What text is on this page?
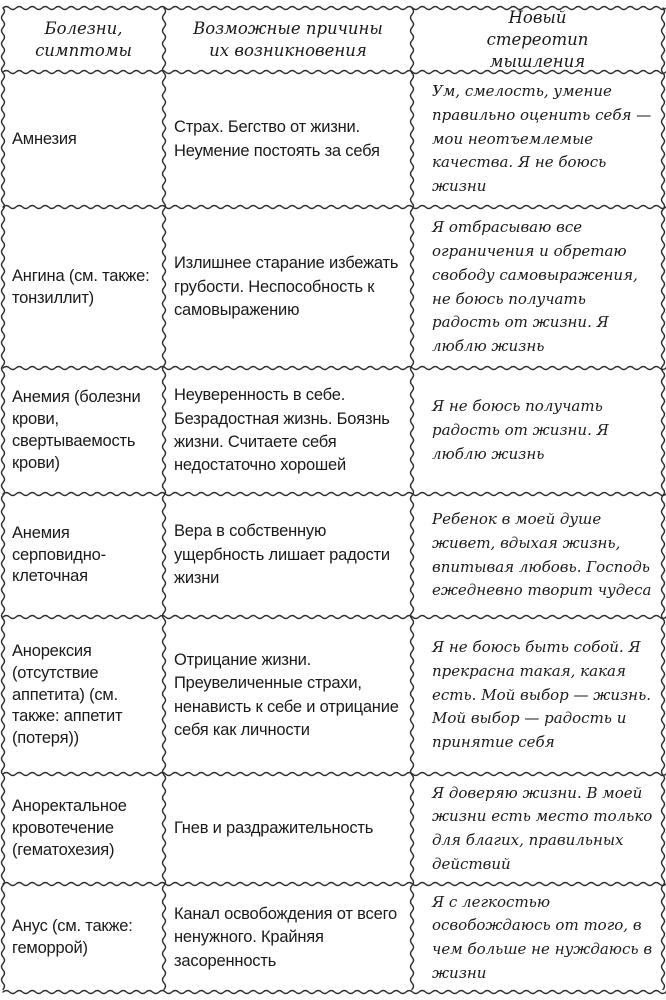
Болезни, симптомы
Возможные причины их возникновения
Новый стереотип мышления
Амнезия
Страх. Бегство от жизни. Неумение постоять за себя
Ум, смелость, умение правильно оценить себя — мои неотъемлемые качества. Я не боюсь жизни
Ангина (см. также: тонзиллит)
Излишнее старание избежать грубости. Неспособность к самовыражению
Я отбрасываю все ограничения и обретаю свободу самовыражения, не боюсь получать радость от жизни. Я люблю жизнь
Анемия (болезни крови, свертываемость крови)
Неуверенность в себе. Безрадостная жизнь. Боязнь жизни. Считаете себя недостаточно хорошей
Я не боюсь получать радость от жизни. Я люблю жизнь
Анемия серповидно-клеточная
Вера в собственную ущербность лишает радости жизни
Ребенок в моей душе живет, вдыхая жизнь, впитывая любовь. Господь ежедневно творит чудеса
Анорексия (отсутствие аппетита) (см. также: аппетит (потеря))
Отрицание жизни. Преувеличенные страхи, ненависть к себе и отрицание себя как личности
Я не боюсь быть собой. Я прекрасна такая, какая есть. Мой выбор — жизнь. Мой выбор — радость и принятие себя
Аноректальное кровотечение (гематохезия)
Гнев и раздражительность
Я доверяю жизни. В моей жизни есть место только для благих, правильных действий
Анус (см. также: геморрой)
Канал освобождения от всего ненужного. Крайняя засоренность
Я с легкостью освобождаюсь от того, в чем больше не нуждаюсь в жизни
